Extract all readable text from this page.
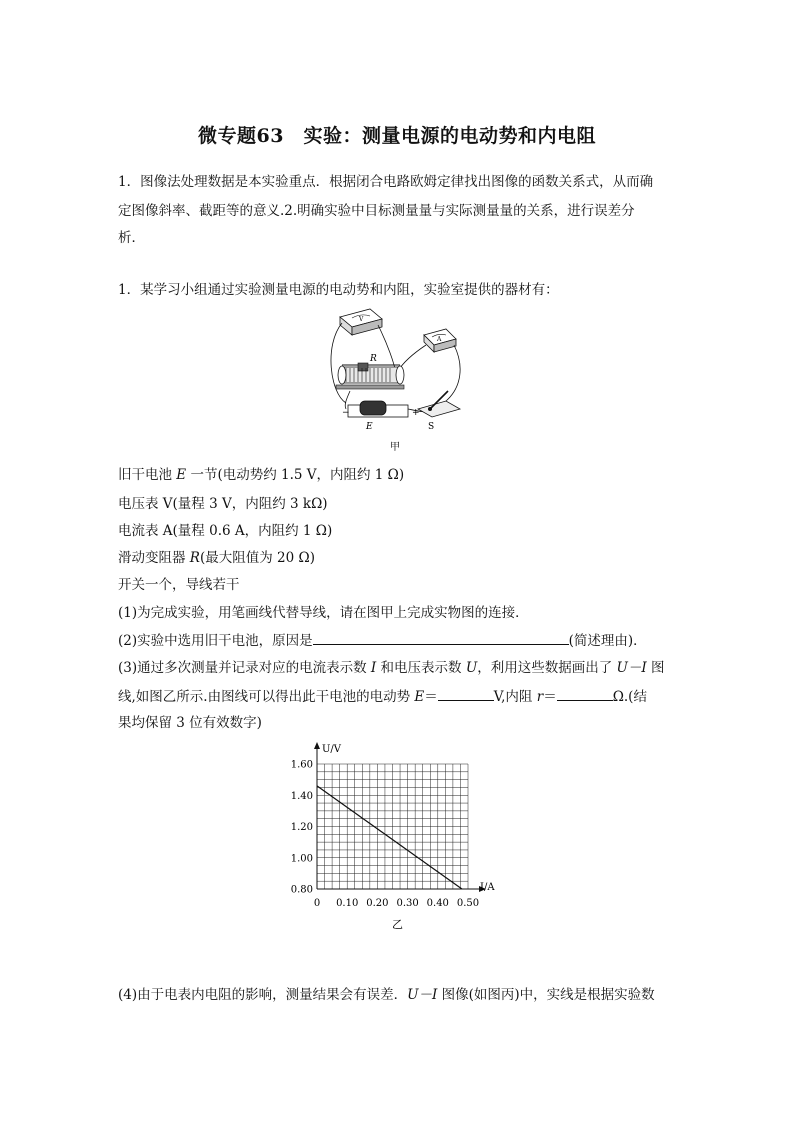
微专题63　实验：测量电源的电动势和内电阻
1．图像法处理数据是本实验重点．根据闭合电路欧姆定律找出图像的函数关系式，从而确
定图像斜率、截距等的意义.2.明确实验中目标测量量与实际测量量的关系，进行误差分
析．
1．某学习小组通过实验测量电源的电动势和内阻，实验室提供的器材有：
V
A
R
−	+
E	S
甲
旧干电池 E 一节(电动势约 1.5 V，内阻约 1 Ω)
电压表 V(量程 3 V，内阻约 3 kΩ)
电流表 A(量程 0.6 A，内阻约 1 Ω)
滑动变阻器 R(最大阻值为 20 Ω)
开关一个，导线若干
(1)为完成实验，用笔画线代替导线，请在图甲上完成实物图的连接．
(2)实验中选用旧干电池，原因是	(简述理由)．
(3)通过多次测量并记录对应的电流表示数 I 和电压表示数 U，利用这些数据画出了 U－I 图
线,如图乙所示.由图线可以得出此干电池的电动势 E＝	V,内阻 r＝	Ω.(结
果均保留 3 位有效数字)
0.80
1.00
1.20
1.40
1.60
0 0.10 0.20 0.30 0.40 0.50
U/V
I/A
乙
(4)由于电表内电阻的影响，测量结果会有误差．U－I 图像(如图丙)中，实线是根据实验数
